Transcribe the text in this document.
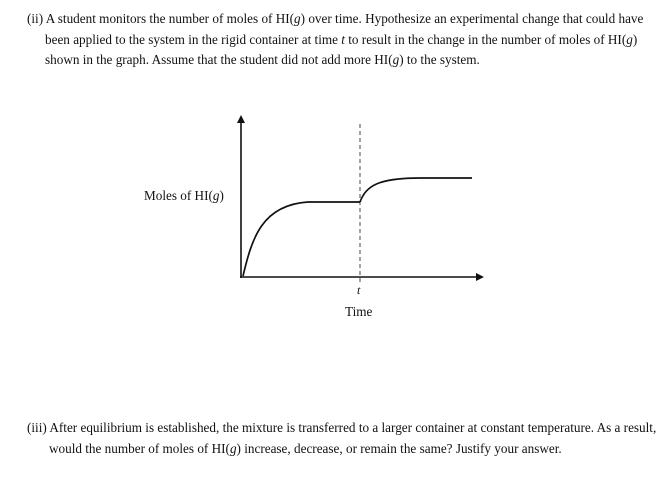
(ii) A student monitors the number of moles of HI(g) over time. Hypothesize an experimental change that could have been applied to the system in the rigid container at time t to result in the change in the number of moles of HI(g) shown in the graph. Assume that the student did not add more HI(g) to the system.
Moles of HI(g)
t
Time
(iii) After equilibrium is established, the mixture is transferred to a larger container at constant temperature. As a result, would the number of moles of HI(g) increase, decrease, or remain the same? Justify your answer.
